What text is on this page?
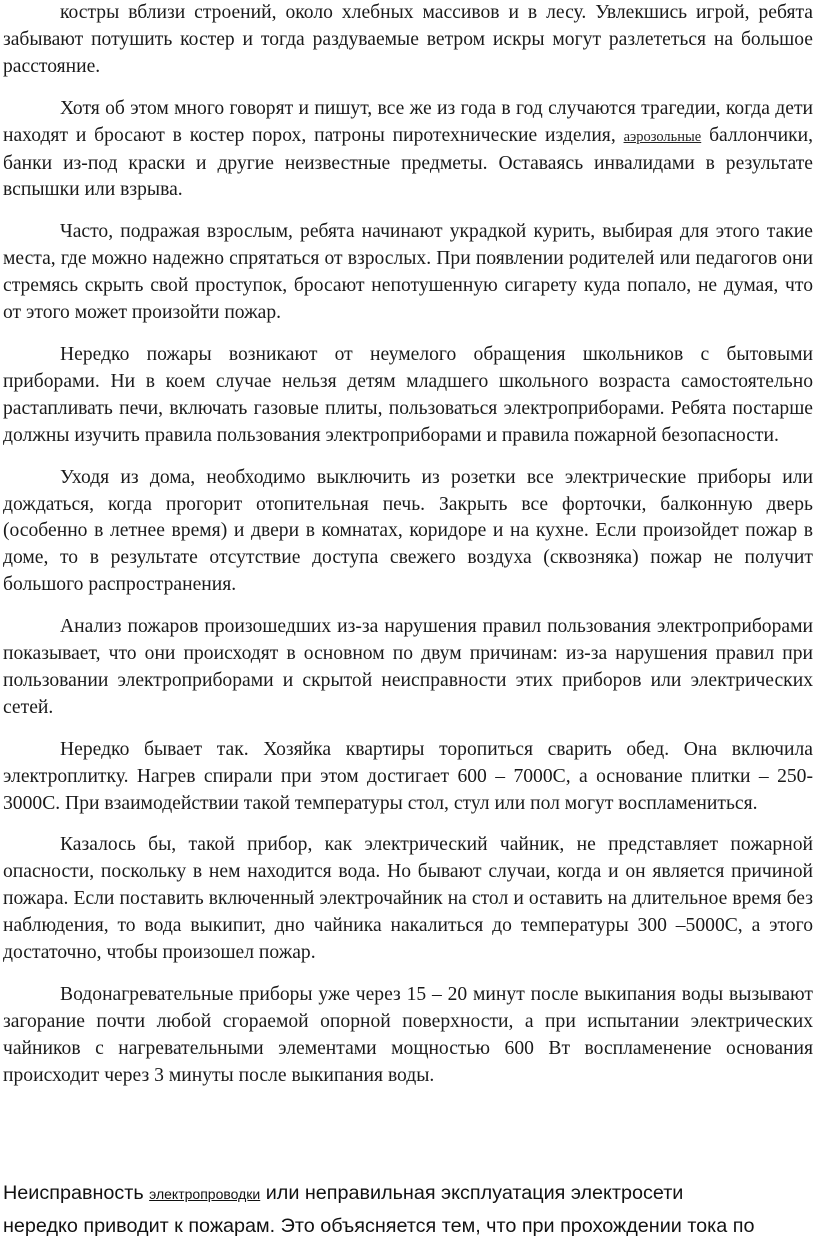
костры вблизи строений, около хлебных массивов и в лесу. Увлекшись игрой, ребята забывают потушить костер и тогда раздуваемые ветром искры могут разлететься на большое расстояние.

Хотя об этом много говорят и пишут, все же из года в год случаются трагедии, когда дети находят и бросают в костер порох, патроны пиротехнические изделия, аэрозольные баллончики, банки из-под краски и другие неизвестные предметы. Оставаясь инвалидами в результате вспышки или взрыва.

Часто, подражая взрослым, ребята начинают украдкой курить, выбирая для этого такие места, где можно надежно спрятаться от взрослых. При появлении родителей или педагогов они стремясь скрыть свой проступок, бросают непотушенную сигарету куда попало, не думая, что от этого может произойти пожар.

Нередко пожары возникают от неумелого обращения школьников с бытовыми приборами. Ни в коем случае нельзя детям младшего школьного возраста самостоятельно растапливать печи, включать газовые плиты, пользоваться электроприборами. Ребята постарше должны изучить правила пользования электроприборами и правила пожарной безопасности.

Уходя из дома, необходимо выключить из розетки все электрические приборы или дождаться, когда прогорит отопительная печь. Закрыть все форточки, балконную дверь (особенно в летнее время) и двери в комнатах, коридоре и на кухне. Если произойдет пожар в доме, то в результате отсутствие доступа свежего воздуха (сквозняка) пожар не получит большого распространения.

Анализ пожаров произошедших из-за нарушения правил пользования электроприборами показывает, что они происходят в основном по двум причинам: из-за нарушения правил при пользовании электроприборами и скрытой неисправности этих приборов или электрических сетей.

Нередко бывает так. Хозяйка квартиры торопиться сварить обед. Она включила электроплитку. Нагрев спирали при этом достигает 600 – 7000С, а основание плитки – 250- 3000С. При взаимодействии такой температуры стол, стул или пол могут воспламениться.

Казалось бы, такой прибор, как электрический чайник, не представляет пожарной опасности, поскольку в нем находится вода. Но бывают случаи, когда и он является причиной пожара. Если поставить включенный электрочайник на стол и оставить на длительное время без наблюдения, то вода выкипит, дно чайника накалиться до температуры 300 –5000С, а этого достаточно, чтобы произошел пожар.

Водонагревательные приборы уже через 15 – 20 минут после выкипания воды вызывают загорание почти любой сгораемой опорной поверхности, а при испытании электрических чайников с нагревательными элементами мощностью 600 Вт воспламенение основания происходит через 3 минуты после выкипания воды.

Неисправность электропроводки или неправильная эксплуатация электросети
нередко приводит к пожарам. Это объясняется тем, что при прохождении тока по
